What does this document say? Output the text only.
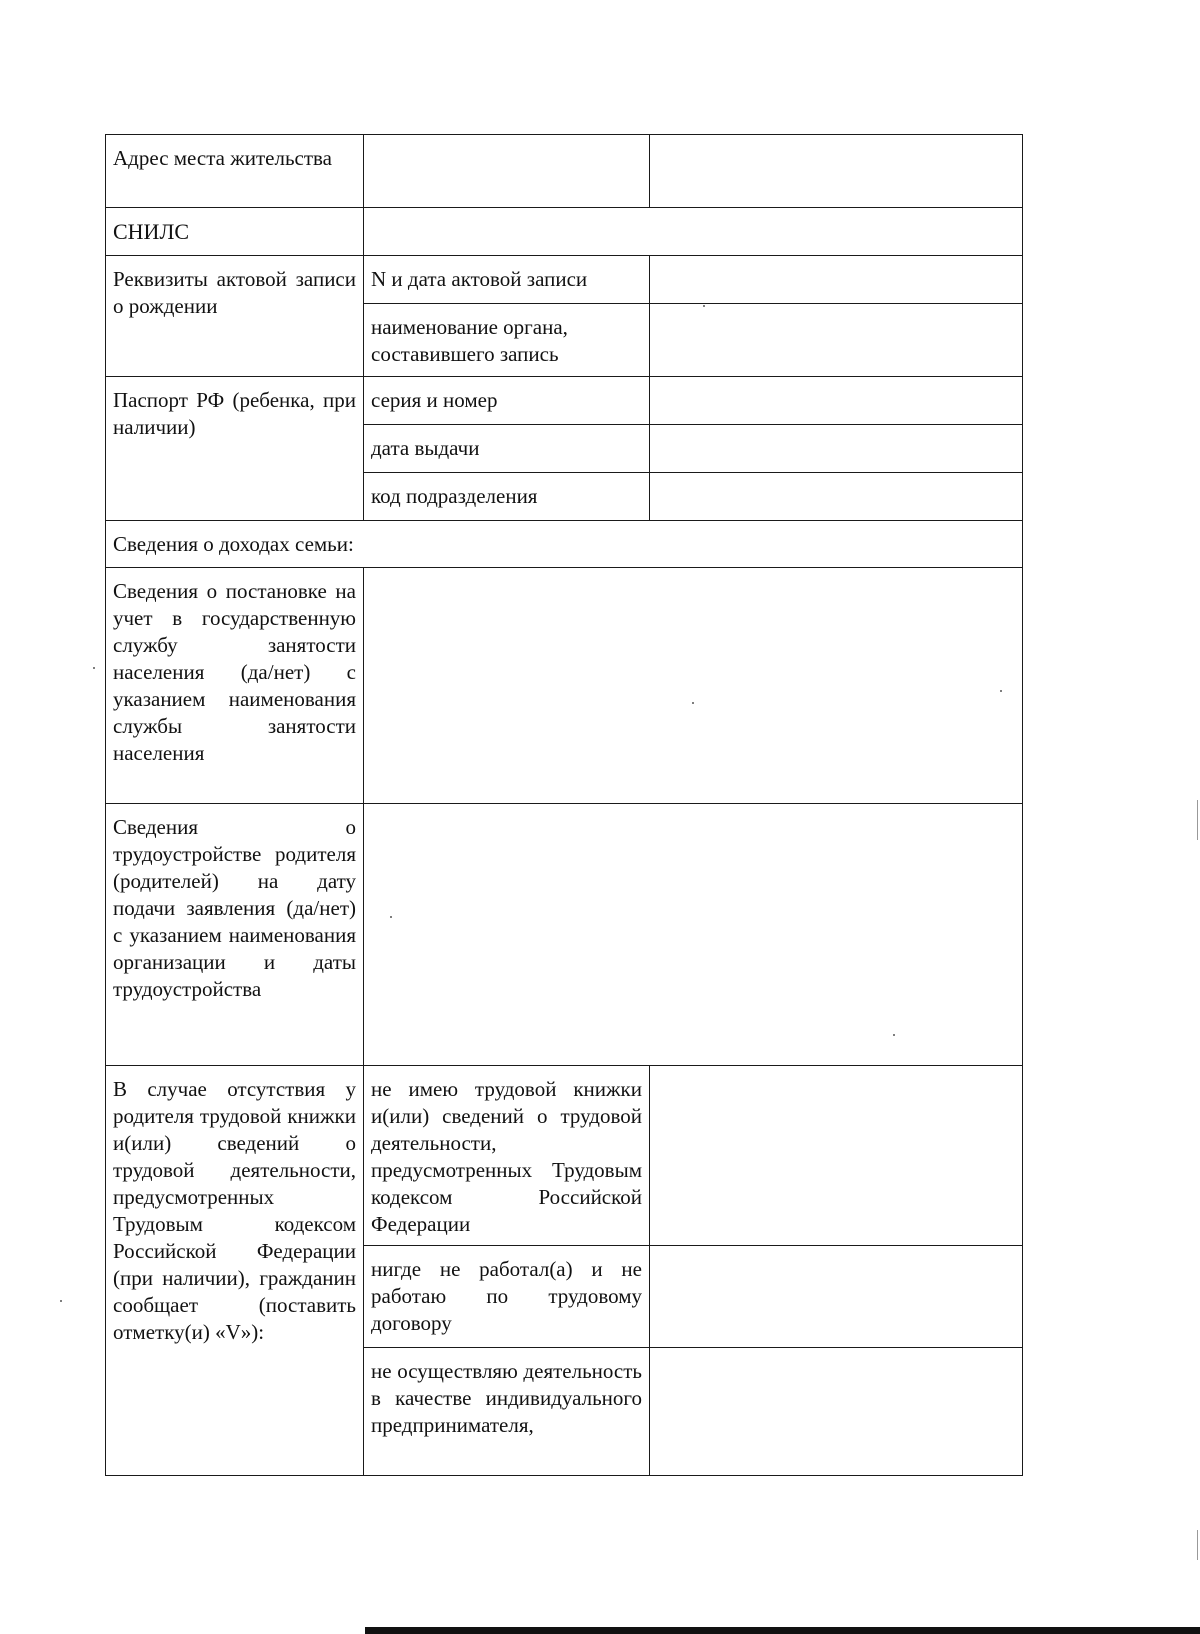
Адрес места жительства		
СНИЛС		
Реквизиты актовой записи о рождении	N и дата актовой записи	
	наименование органа, составившего запись	
Паспорт РФ (ребенка, при наличии)	серия и номер	
	дата выдачи	
	код подразделения	
Сведения о доходах семьи:		
Сведения о постановке на учет в государственную службу занятости населения (да/нет) с указанием наименования службы занятости населения		
Сведения о трудоустройстве родителя (родителей) на дату подачи заявления (да/нет) с указанием наименования организации и даты трудоустройства		
В случае отсутствия у родителя трудовой книжки и(или) сведений о трудовой деятельности, предусмотренных Трудовым кодексом Российской Федерации (при наличии), гражданин сообщает (поставить отметку(и) «V»):	не имею трудовой книжки и(или) сведений о трудовой деятельности, предусмотренных Трудовым кодексом Российской Федерации	
	нигде не работал(а) и не работаю по трудовому договору	
	не осуществляю деятельность в качестве индивидуального предпринимателя,	
